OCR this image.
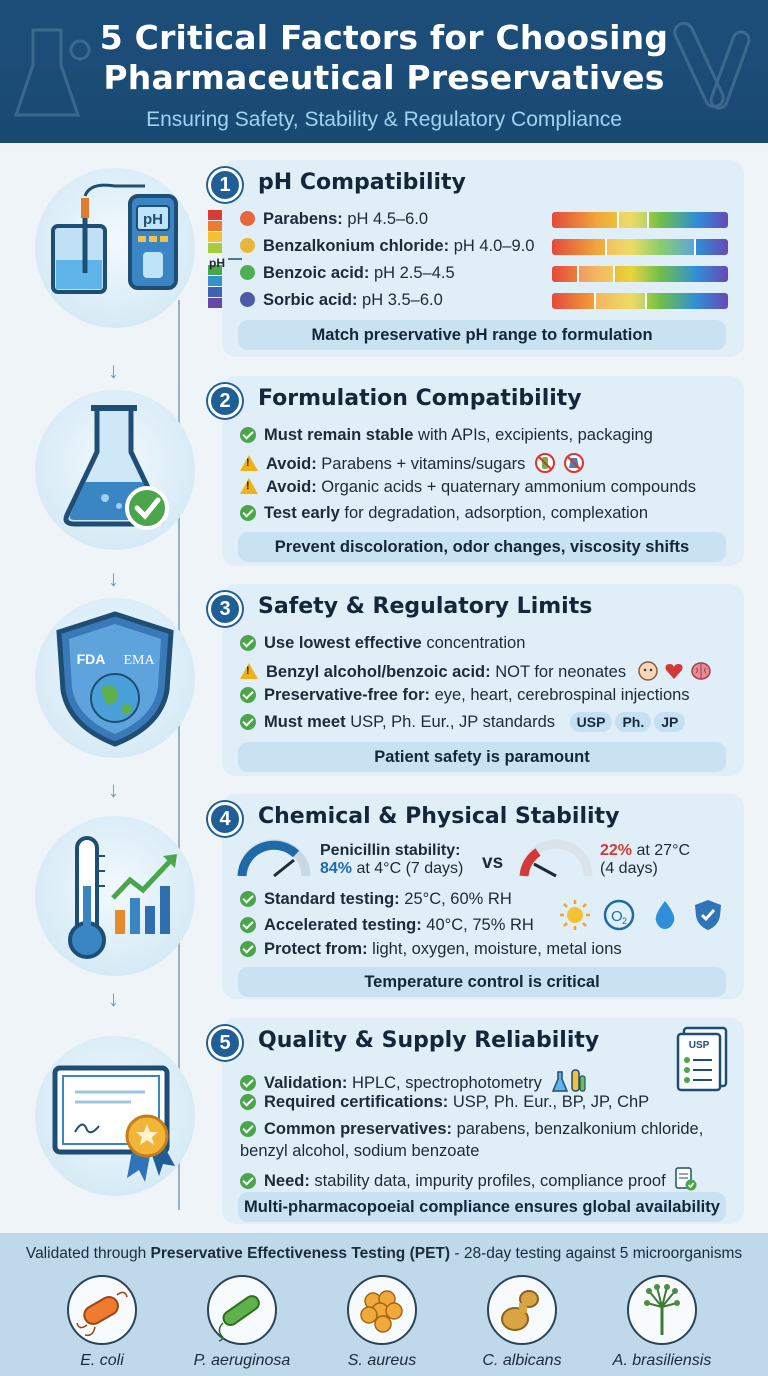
5 Critical Factors for Choosing
Pharmaceutical Preservatives
Ensuring Safety, Stability & Regulatory Compliance
pH
1	pH Compatibility
pH
Parabens: pH 4.5–6.0
Benzalkonium chloride: pH 4.0–9.0
Benzoic acid: pH 2.5–4.5
Sorbic acid: pH 3.5–6.0
Match preservative pH range to formulation
↓
2	Formulation Compatibility
Must remain stable with APIs, excipients, packaging
!Avoid: Parabens + vitamins/sugars
!Avoid: Organic acids + quaternary ammonium compounds
Test early for degradation, adsorption, complexation
Prevent discoloration, odor changes, viscosity shifts
↓
FDA EMA
3	Safety & Regulatory Limits
Use lowest effective concentration
!Benzyl alcohol/benzoic acid: NOT for neonates
Preservative-free for: eye, heart, cerebrospinal injections
Must meet USP, Ph. Eur., JP standards USP Ph. JP
Patient safety is paramount
↓
4	Chemical & Physical Stability
Penicillin stability:
84% at 4°C (7 days) vs
22% at 27°C
(4 days)
Standard testing: 25°C, 60% RH
Accelerated testing: 40°C, 75% RH
Protect from: light, oxygen, moisture, metal ions
O 2
Temperature control is critical
↓
5	Quality & Supply Reliability	USP
Validation: HPLC, spectrophotometry
Required certifications: USP, Ph. Eur., BP, JP, ChP
Common preservatives: parabens, benzalkonium chloride,
benzyl alcohol, sodium benzoate
Need: stability data, impurity profiles, compliance proof
Multi-pharmacopoeial compliance ensures global availability
Validated through Preservative Effectiveness Testing (PET) - 28-day testing against 5 microorganisms
E. coli	P. aeruginosa	S. aureus	C. albicans	A. brasiliensis
